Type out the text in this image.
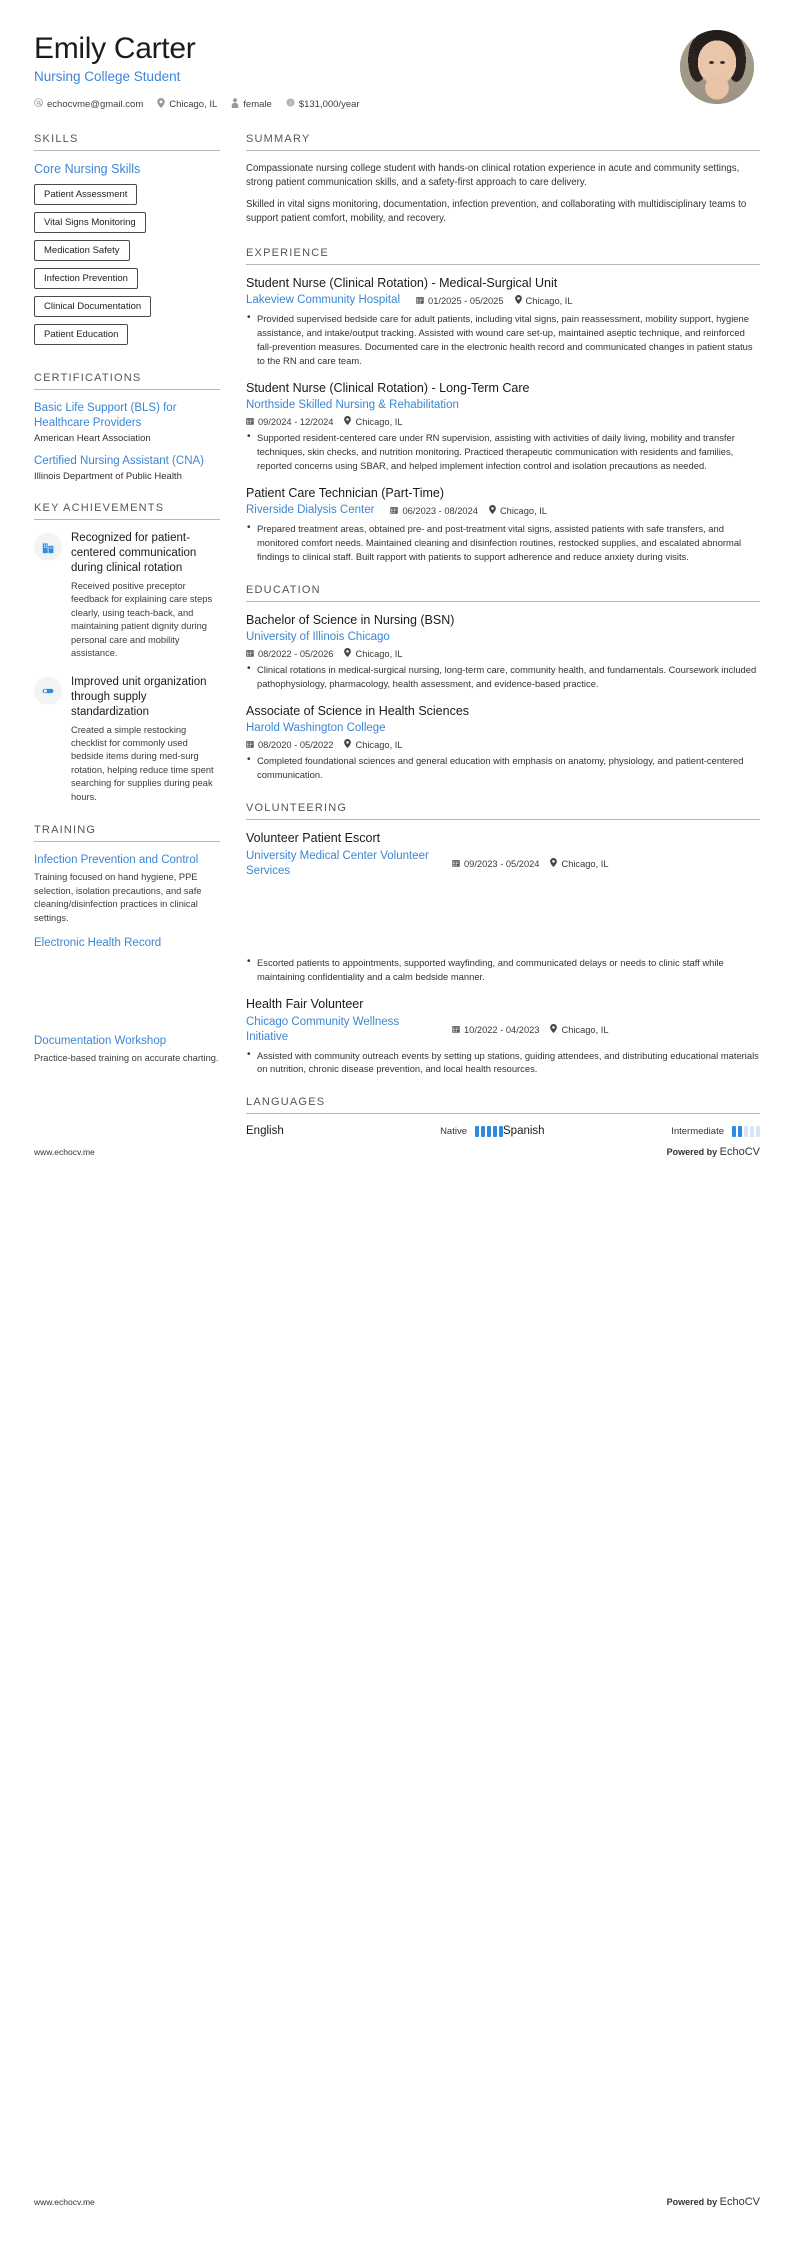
Emily Carter
Nursing College Student
echocvme@gmail.com	Chicago, IL	female i $131,000/year
SKILLS
Core Nursing Skills
Patient Assessment
Vital Signs Monitoring
Medication Safety
Infection Prevention
Clinical Documentation
Patient Education
CERTIFICATIONS
Basic Life Support (BLS) for Healthcare Providers
American Heart Association
Certified Nursing Assistant (CNA)
Illinois Department of Public Health
KEY ACHIEVEMENTS
Recognized for patient-centered communication during clinical rotation
Received positive preceptor feedback for explaining care steps clearly, using teach-back, and maintaining patient dignity during personal care and mobility assistance.
Improved unit organization through supply standardization
Created a simple restocking checklist for commonly used bedside items during med-surg rotation, helping reduce time spent searching for supplies during peak hours.
TRAINING
Infection Prevention and Control
Training focused on hand hygiene, PPE selection, isolation precautions, and safe cleaning/disinfection practices in clinical settings.
Electronic Health Record
Documentation Workshop
Practice-based training on accurate charting.
SUMMARY

Compassionate nursing college student with hands-on clinical rotation experience in acute and community settings, strong patient communication skills, and a safety-first approach to care delivery.

Skilled in vital signs monitoring, documentation, infection prevention, and collaborating with multidisciplinary teams to support patient comfort, mobility, and recovery.

EXPERIENCE
Student Nurse (Clinical Rotation) - Medical-Surgical Unit
Lakeview Community Hospital	01/2025 - 05/2025 Chicago, IL
• Provided supervised bedside care for adult patients, including vital signs, pain reassessment, mobility support, hygiene assistance, and intake/output tracking. Assisted with wound care set-up, maintained aseptic technique, and reinforced fall-prevention measures. Documented care in the electronic health record and communicated changes in patient status to the RN and care team.
Student Nurse (Clinical Rotation) - Long-Term Care
Northside Skilled Nursing & Rehabilitation
09/2024 - 12/2024 Chicago, IL
• Supported resident-centered care under RN supervision, assisting with activities of daily living, mobility and transfer techniques, skin checks, and nutrition monitoring. Practiced therapeutic communication with residents and families, reported concerns using SBAR, and helped implement infection control and isolation precautions as needed.
Patient Care Technician (Part-Time)
Riverside Dialysis Center	06/2023 - 08/2024 Chicago, IL
• Prepared treatment areas, obtained pre- and post-treatment vital signs, assisted patients with safe transfers, and monitored comfort needs. Maintained cleaning and disinfection routines, restocked supplies, and escalated abnormal findings to clinical staff. Built rapport with patients to support adherence and reduce anxiety during visits.
EDUCATION
Bachelor of Science in Nursing (BSN)
University of Illinois Chicago
08/2022 - 05/2026 Chicago, IL
• Clinical rotations in medical-surgical nursing, long-term care, community health, and fundamentals. Coursework included pathophysiology, pharmacology, health assessment, and evidence-based practice.
Associate of Science in Health Sciences
Harold Washington College
08/2020 - 05/2022 Chicago, IL
• Completed foundational sciences and general education with emphasis on anatomy, physiology, and patient-centered communication.
VOLUNTEERING
Volunteer Patient Escort
University Medical Center Volunteer Services
09/2023 - 05/2024 Chicago, IL
• Escorted patients to appointments, supported wayfinding, and communicated delays or needs to clinic staff while maintaining confidentiality and a calm bedside manner.
Health Fair Volunteer
Chicago Community Wellness Initiative
10/2022 - 04/2023 Chicago, IL
• Assisted with community outreach events by setting up stations, guiding attendees, and distributing educational materials on nutrition, chronic disease prevention, and local health resources.
LANGUAGES
English	Native	Spanish	Intermediate
www.echocv.me	Powered by EchoCV
www.echocv.me	Powered by EchoCV
